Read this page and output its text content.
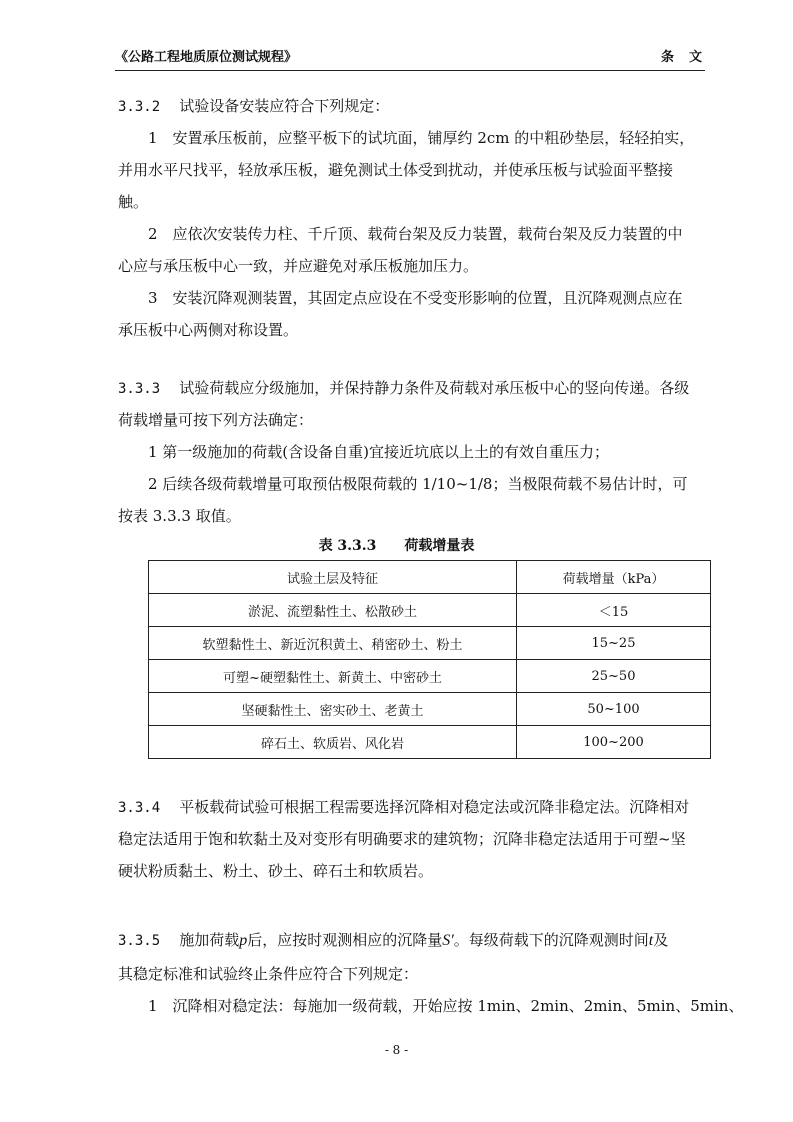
《公路工程地质原位测试规程》	条　文
3.3.2 试验设备安装应符合下列规定：
1　安置承压板前，应整平板下的试坑面，铺厚约 2cm 的中粗砂垫层，轻轻拍实，
并用水平尺找平，轻放承压板，避免测试土体受到扰动，并使承压板与试验面平整接
触。
2　应依次安装传力柱、千斤顶、载荷台架及反力装置，载荷台架及反力装置的中
心应与承压板中心一致，并应避免对承压板施加压力。
3　安装沉降观测装置，其固定点应设在不受变形影响的位置，且沉降观测点应在
承压板中心两侧对称设置。
3.3.3 试验荷载应分级施加，并保持静力条件及荷载对承压板中心的竖向传递。各级
荷载增量可按下列方法确定：
1 第一级施加的荷载(含设备自重)宜接近坑底以上土的有效自重压力；
2 后续各级荷载增量可取预估极限荷载的 1/10~1/8；当极限荷载不易估计时，可
按表 3.3.3 取值。
表 3.3.3　　荷载增量表
试验土层及特征	荷载增量（kPa）
淤泥、流塑黏性土、松散砂土	＜15
软塑黏性土、新近沉积黄土、稍密砂土、粉土	15~25
可塑~硬塑黏性土、新黄土、中密砂土	25~50
坚硬黏性土、密实砂土、老黄土	50~100
碎石土、软质岩、风化岩	100~200
3.3.4 平板载荷试验可根据工程需要选择沉降相对稳定法或沉降非稳定法。沉降相对
稳定法适用于饱和软黏土及对变形有明确要求的建筑物；沉降非稳定法适用于可塑~坚
硬状粉质黏土、粉土、砂土、碎石土和软质岩。
3.3.5 施加荷载p后，应按时观测相应的沉降量S′。每级荷载下的沉降观测时间t及
其稳定标准和试验终止条件应符合下列规定：
1　沉降相对稳定法：每施加一级荷载，开始应按 1min、2min、2min、5min、5min、
- 8 -
